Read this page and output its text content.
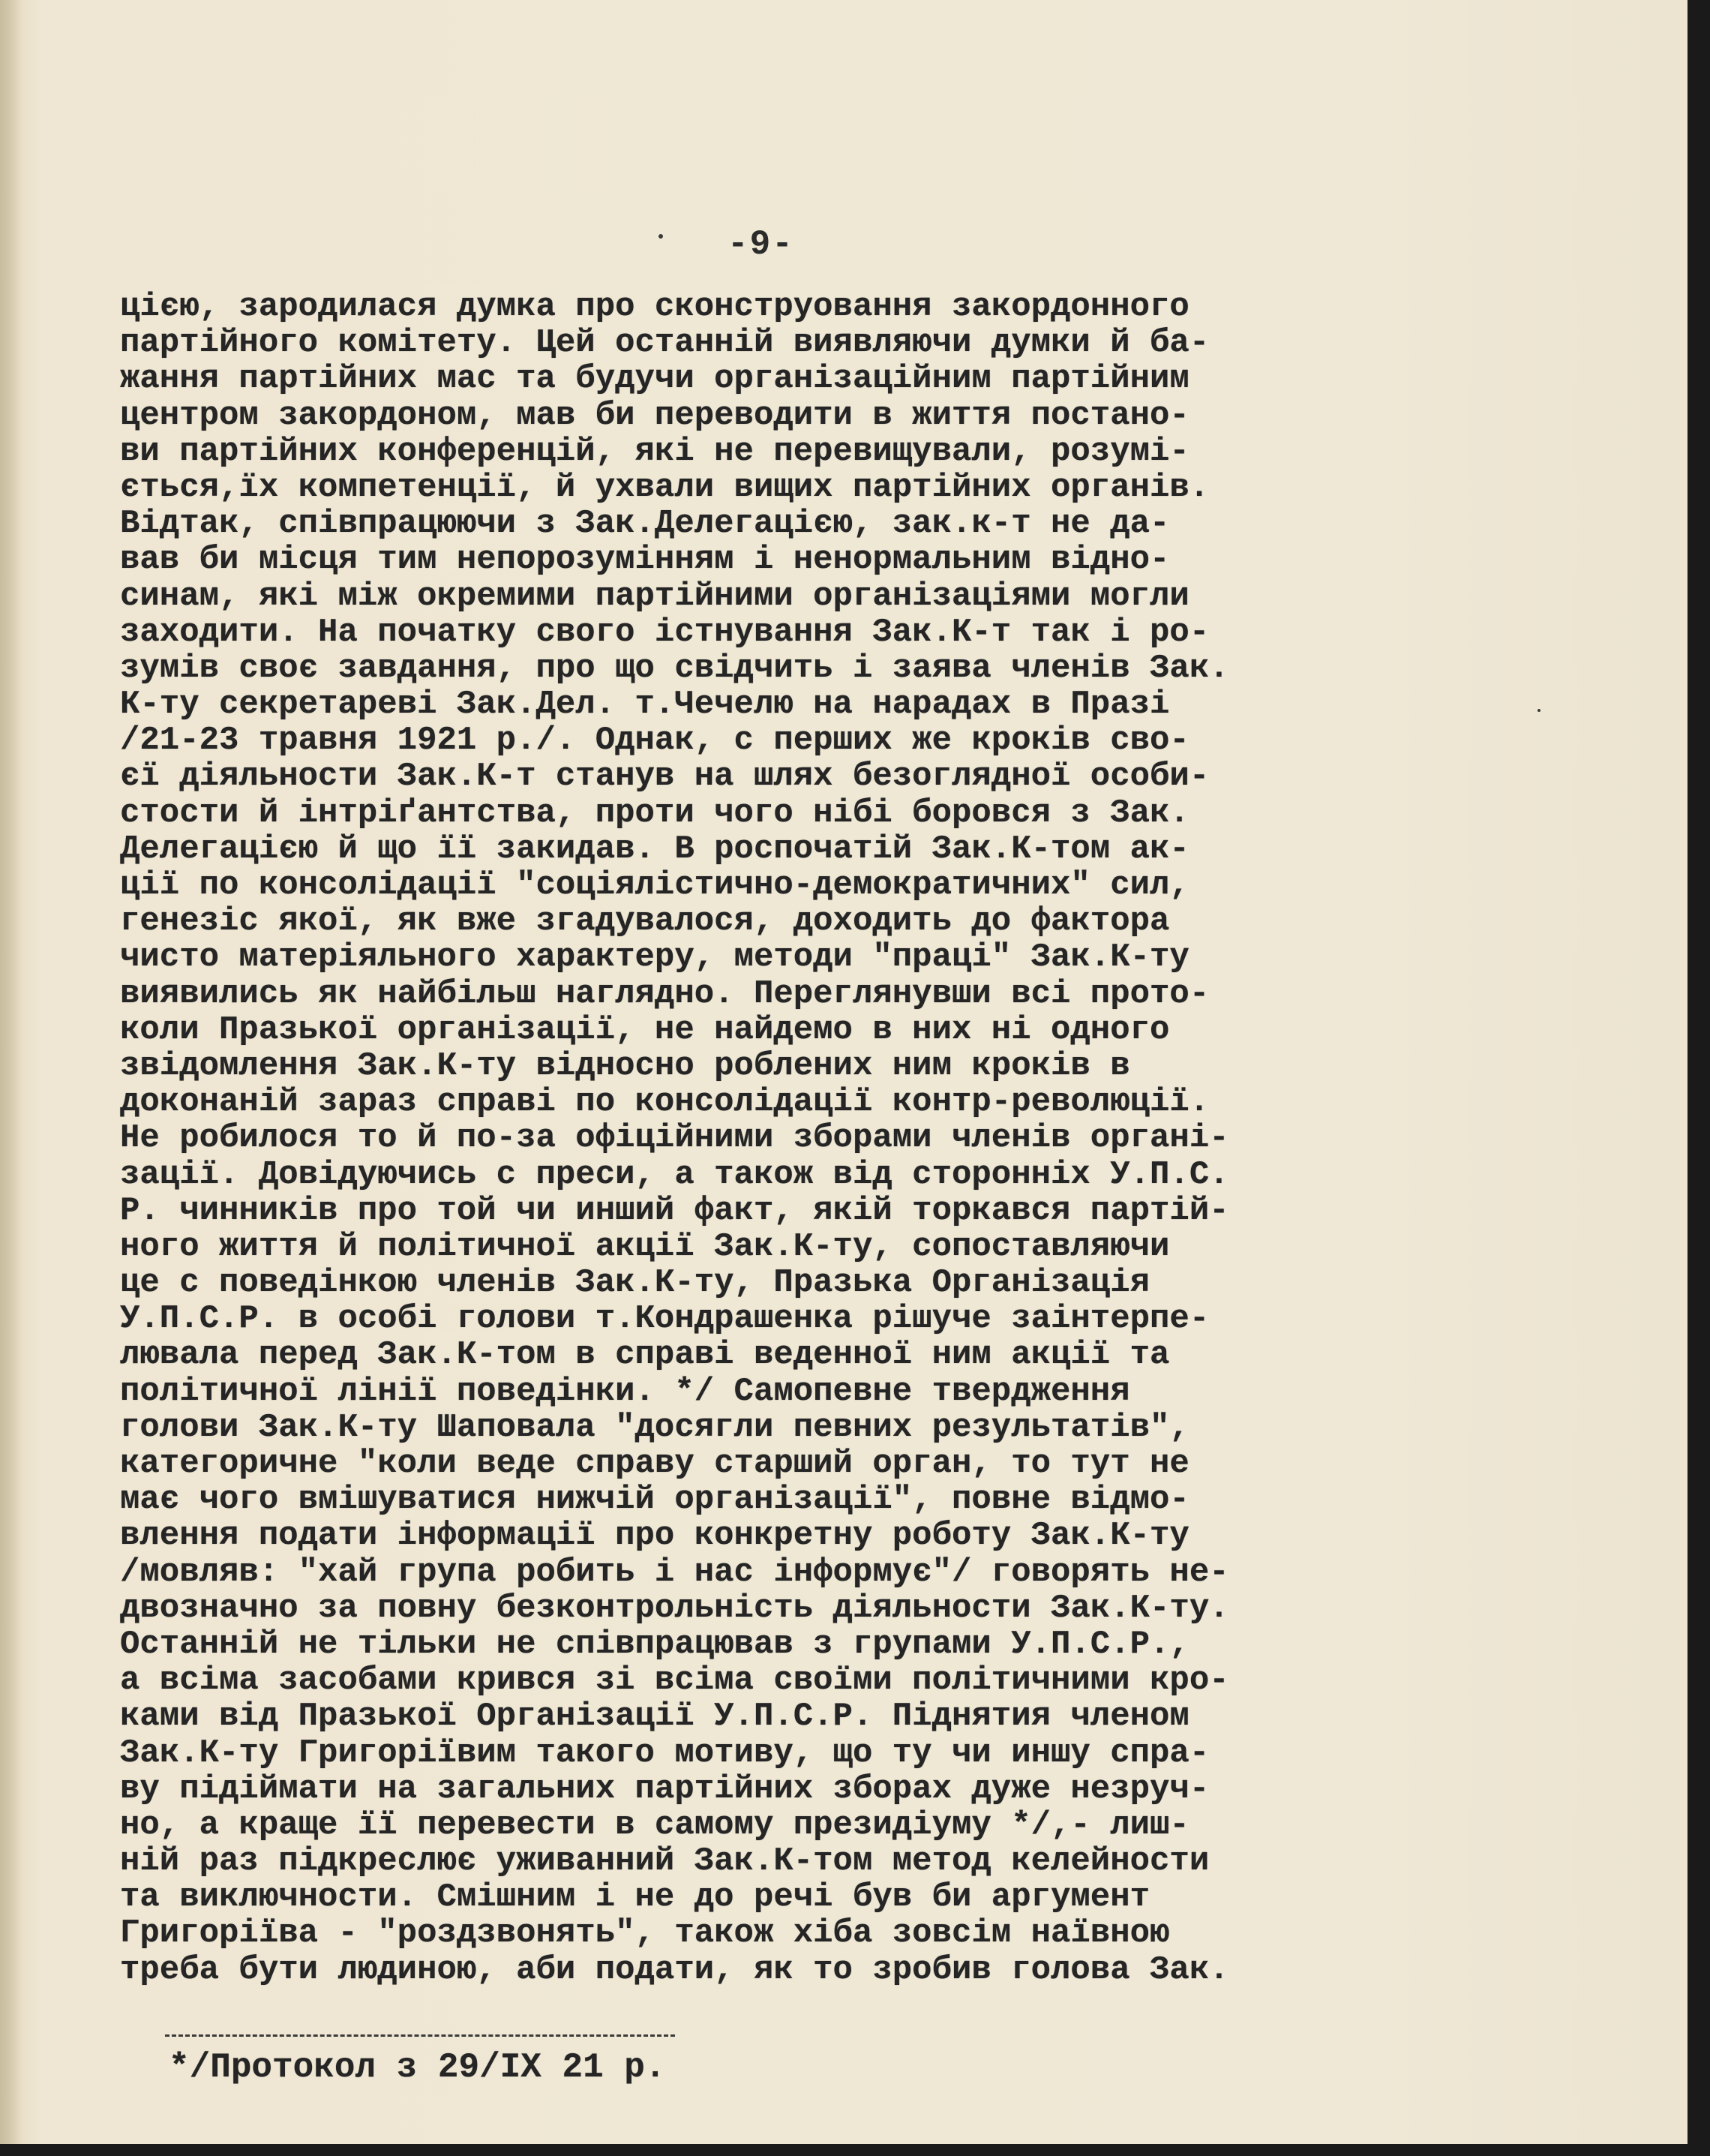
-9-
цією, зародилася думка про сконструовання закордонного
партійного комітету. Цей останній виявляючи думки й ба-
жання партійних мас та будучи організаційним партійним
центром закордоном, мав би переводити в життя постано-
ви партійних конференцій, які не перевищували, розумі-
ється,їх компетенції, й ухвали вищих партійних органів.
Відтак, співпрацюючи з Зак.Делегацією, зак.к-т не да-
вав би місця тим непорозумінням і ненормальним відно-
синам, які між окремими партійними організаціями могли
заходити. На початку свого істнування Зак.К-т так і ро-
зумів своє завдання, про що свідчить і заява членів Зак.
К-ту секретареві Зак.Дел. т.Чечелю на нарадах в Празі
/21-23 травня 1921 р./. Однак, с перших же кроків сво-
єї діяльности Зак.К-т станув на шлях безоглядної особи-
стости й інтріґантства, проти чого нібі боровся з Зак.
Делегацією й що її закидав. В роспочатій Зак.К-том ак-
ції по консолідації "соціялістично-демократичних" сил,
генезіс якої, як вже згадувалося, доходить до фактора
чисто матеріяльного характеру, методи "праці" Зак.К-ту
виявились як найбільш наглядно. Переглянувши всі прото-
коли Празької організації, не найдемо в них ні одного
звідомлення Зак.К-ту відносно роблених ним кроків в
доконаній зараз справі по консолідації контр-революції.
Не робилося то й по-за офіційними зборами членів органі-
зації. Довідуючись с преси, а також від сторонніх У.П.С.
Р. чинників про той чи инший факт, якій торкався партій-
ного життя й політичної акції Зак.К-ту, сопоставляючи
це с поведінкою членів Зак.К-ту, Празька Організація
У.П.С.Р. в особі голови т.Кондрашенка рішуче заінтерпе-
лювала перед Зак.К-том в справі веденної ним акції та
політичної лінії поведінки. */ Самопевне твердження
голови Зак.К-ту Шаповала "досягли певних результатів",
категоричне "коли веде справу старший орган, то тут не
має чого вмішуватися нижчій організації", повне відмо-
влення подати інформації про конкретну роботу Зак.К-ту
/мовляв: "хай група робить і нас інформує"/ говорять не-
двозначно за повну безконтрольність діяльности Зак.К-ту.
Останній не тільки не співпрацював з групами У.П.С.Р.,
а всіма засобами крився зі всіма своїми політичними кро-
ками від Празької Організації У.П.С.Р. Піднятия членом
Зак.К-ту Григоріївим такого мотиву, що ту чи иншу спра-
ву підіймати на загальних партійних зборах дуже незруч-
но, а краще її перевести в самому президіуму */,- лиш-
ній раз підкреслює уживанний Зак.К-том метод келейности
та виключности. Смішним і не до речі був би аргумент
Григоріїва - "роздзвонять", також хіба зовсім наївною
треба бути людиною, аби подати, як то зробив голова Зак.
*/Протокол з 29/IX 21 р.
